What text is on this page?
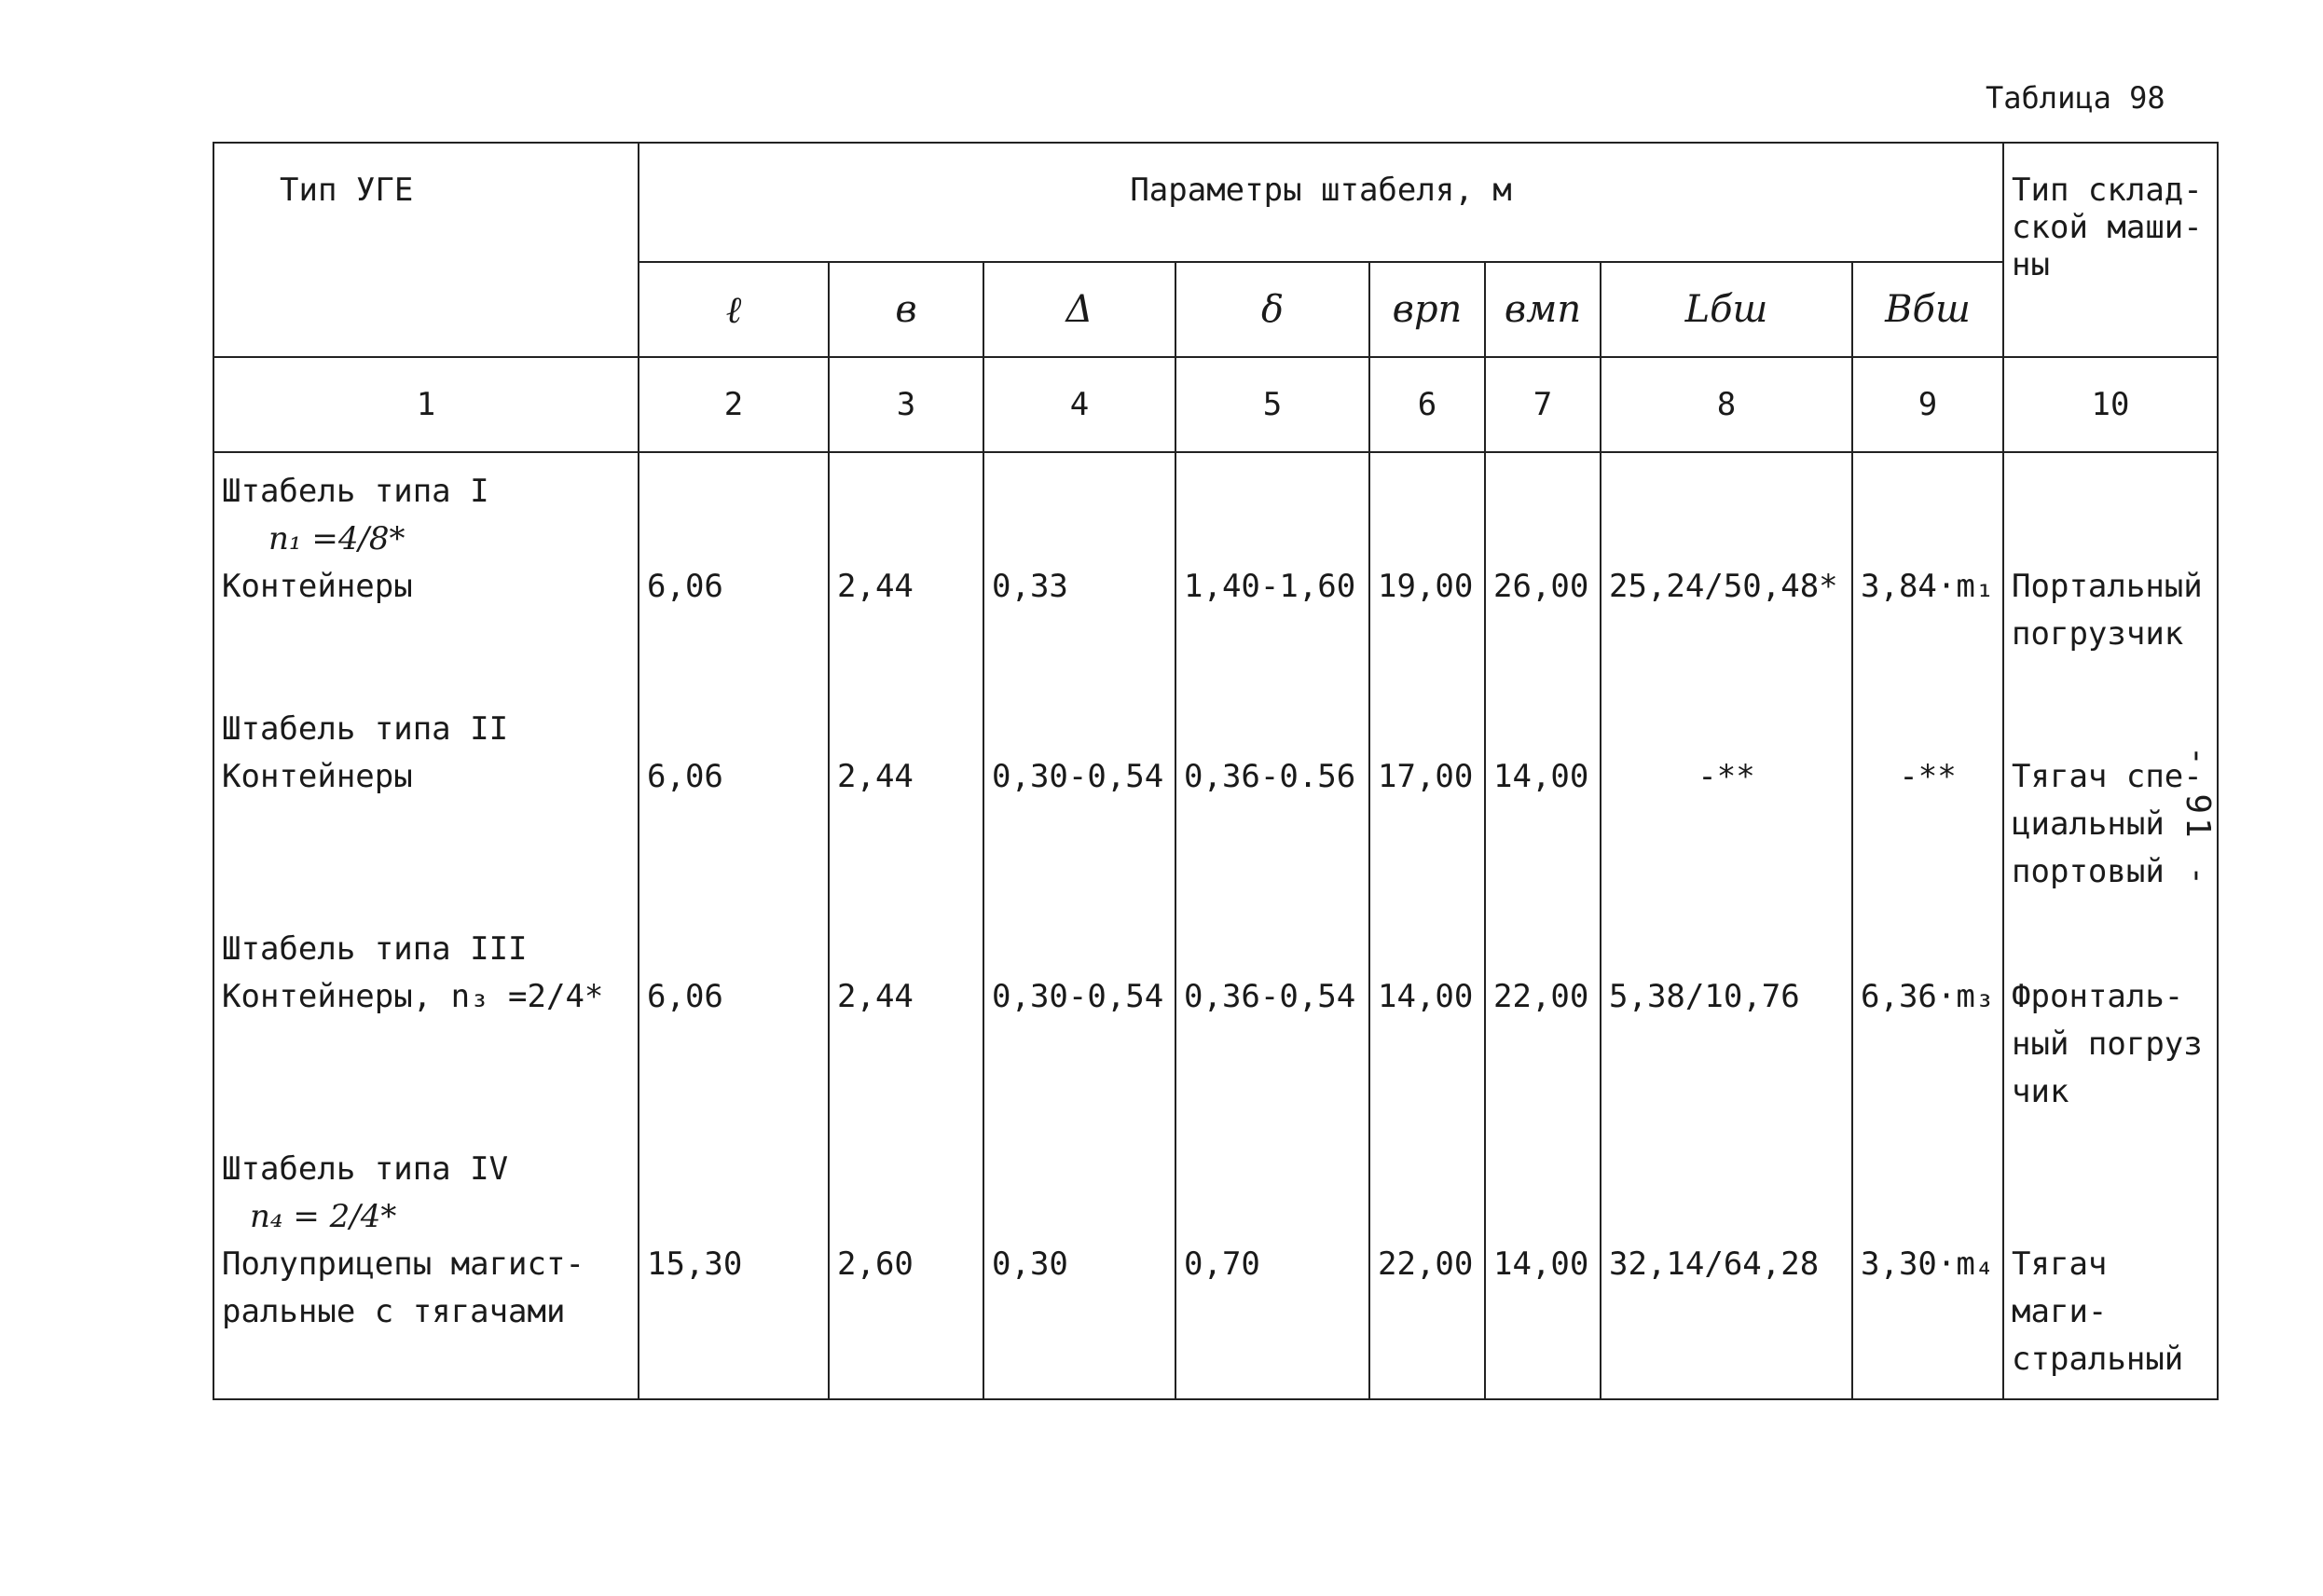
Таблица 98
- 91 -
Тип УГЕ	Параметры штабеля, м								Тип склад-ской маши-ны
	ℓ	в	Δ	δ	врп	вмп	Lбш	Вбш	
1	2	3	4	5	6	7	8	9	10

Штабель типа I
n₁ =4/8*
Контейнеры	6,06	2,44	0,33	1,40-1,60	19,00	26,00	25,24/50,48*	3,84·m₁	Портальный погрузчик

Штабель типа II
Контейнеры	6,06	2,44	0,30-0,54	0,36-0.56	17,00	14,00	-**	-**	Тягач спе-циальный портовый

Штабель типа III
Контейнеры, n₃ =2/4*	6,06	2,44	0,30-0,54	0,36-0,54	14,00	22,00	5,38/10,76	6,36·m₃	Фронталь-ный погруз чик

Штабель типа IV
n₄ = 2/4*
Полуприцепы магист-ральные с тягачами	15,30	2,60	0,30	0,70	22,00	14,00	32,14/64,28	3,30·m₄	Тягач маги-стральный
